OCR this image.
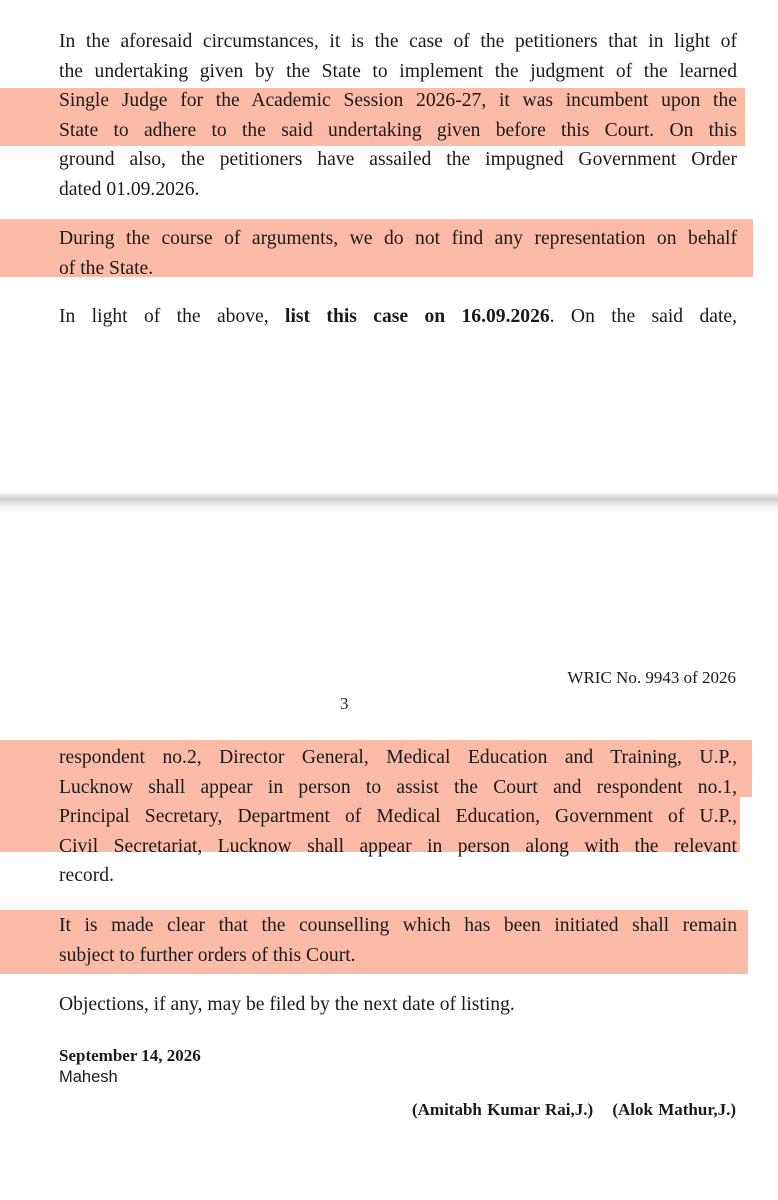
In the aforesaid circumstances, it is the case of the petitioners that in light of
the undertaking given by the State to implement the judgment of the learned
Single Judge for the Academic Session 2026-27, it was incumbent upon the
State to adhere to the said undertaking given before this Court. On this
ground also, the petitioners have assailed the impugned Government Order
dated 01.09.2026.
During the course of arguments, we do not find any representation on behalf
of the State.
In light of the above, list this case on 16.09.2026. On the said date,
WRIC No. 9943 of 2026
3
respondent no.2, Director General, Medical Education and Training, U.P.,
Lucknow shall appear in person to assist the Court and respondent no.1,
Principal Secretary, Department of Medical Education, Government of U.P.,
Civil Secretariat, Lucknow shall appear in person along with the relevant
record.
It is made clear that the counselling which has been initiated shall remain
subject to further orders of this Court.
Objections, if any, may be filed by the next date of listing.
September 14, 2026
Mahesh
(Amitabh Kumar Rai,J.) (Alok Mathur,J.)
